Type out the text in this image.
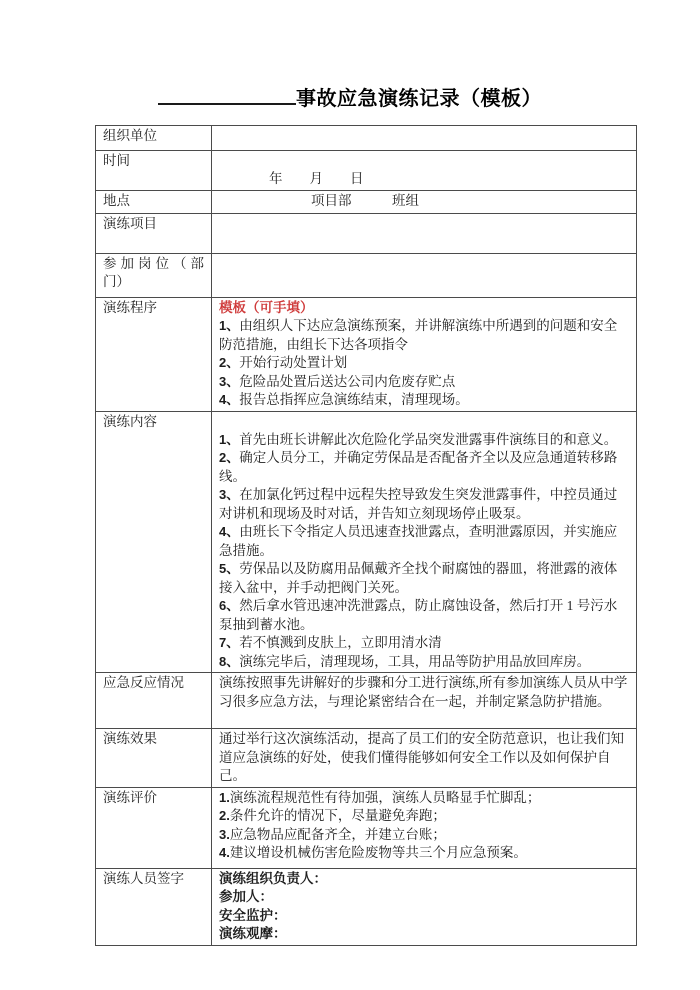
事故应急演练记录（模板）
组织单位	
时间	年　　月　　日

地点	项目部　　　班组

演练项目	
参加岗位（部门）	
演练程序	模板（可手填）
1、由组织人下达应急演练预案，并讲解演练中所遇到的问题和安全防范措施，由组长下达各项指令
2、开始行动处置计划
3、危险品处置后送达公司内危废存贮点
4、报告总指挥应急演练结束，清理现场。

演练内容	
1、首先由班长讲解此次危险化学品突发泄露事件演练目的和意义。
2、确定人员分工，并确定劳保品是否配备齐全以及应急通道转移路线。
3、在加氯化钙过程中远程失控导致发生突发泄露事件，中控员通过对讲机和现场及时对话，并告知立刻现场停止吸泵。
4、由班长下令指定人员迅速查找泄露点，查明泄露原因，并实施应急措施。
5、劳保品以及防腐用品佩戴齐全找个耐腐蚀的器皿，将泄露的液体接入盆中，并手动把阀门关死。
6、然后拿水管迅速冲洗泄露点，防止腐蚀设备，然后打开 1 号污水泵抽到蓄水池。
7、若不慎溅到皮肤上，立即用清水清
8、演练完毕后，清理现场，工具，用品等防护用品放回库房。

应急反应情况	演练按照事先讲解好的步骤和分工进行演练,所有参加演练人员从中学习很多应急方法，与理论紧密结合在一起，并制定紧急防护措施。
演练效果	通过举行这次演练活动，提高了员工们的安全防范意识，也让我们知道应急演练的好处，使我们懂得能够如何安全工作以及如何保护自己。
演练评价	1.演练流程规范性有待加强，演练人员略显手忙脚乱；
2.条件允许的情况下，尽量避免奔跑；
3.应急物品应配备齐全，并建立台账；
4.建议增设机械伤害危险废物等共三个月应急预案。

演练人员签字	演练组织负责人：
参加人：
安全监护：
演练观摩：
